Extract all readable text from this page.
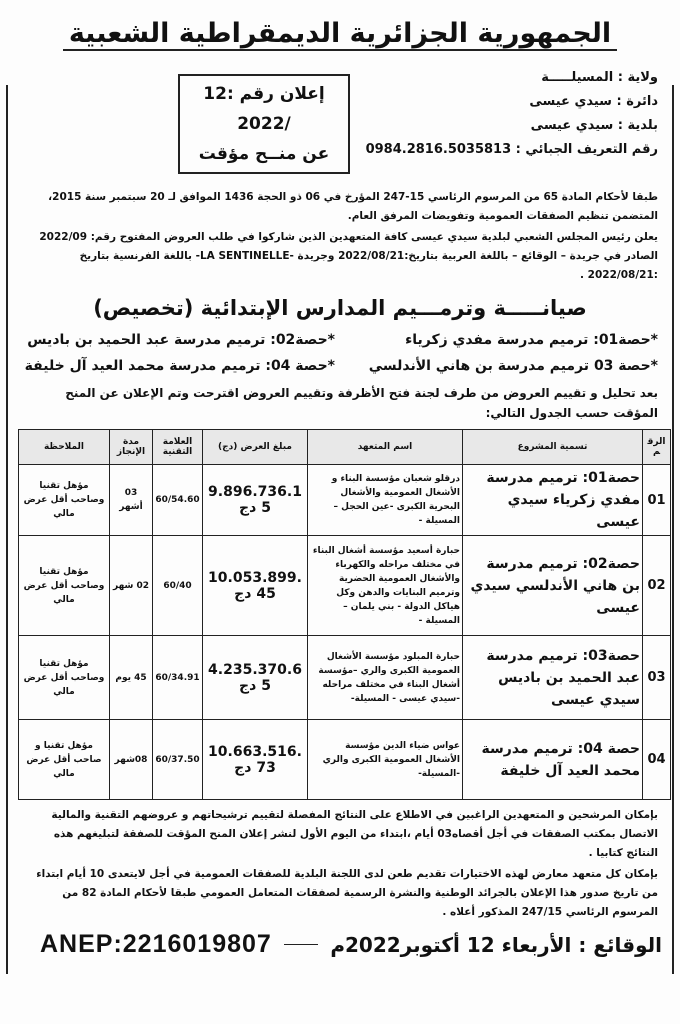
الجمهورية الجزائرية الديمقراطية الشعبية
إعلان رقم :12 /2022
عن منــح مؤقت
ولاية : المسيلـــــة
دائرة : سيدي عيسى
بلدية : سيدي عيسى
رقم التعريف الجبائي : 0984.2816.5035813
طبقا لأحكام المادة 65 من المرسوم الرئاسي 15-247 المؤرخ في 06 ذو الحجة 1436 الموافق لـ 20 سبتمبر سنة 2015، المتضمن تنظيم الصفقات العمومية وتفويضات المرفق العام.
يعلن رئيس المجلس الشعبي لبلدية سيدي عيسى كافة المتعهدين الذين شاركوا في طلب العروض المفتوح رقم: 2022/09 الصادر في جريدة – الوقائع – باللغة العربية بتاريخ:2022/08/21 وجريدة -LA SENTINELLE- باللغة الفرنسية بتاريخ :2022/08/21 .
صيانـــــة وترمـــيم المدارس الإبتدائية (تخصيص)
*حصة01: ترميم مدرسة مفدي زكرياء
*حصة02: ترميم مدرسة عبد الحميد بن باديس
*حصة 03 ترميم مدرسة بن هاني الأندلسي
*حصة 04: ترميم مدرسة محمد العيد آل خليفة
بعد تحليل و تقييم العروض من طرف لجنة فتح الأظرفة وتقييم العروض اقترحت وتم الإعلان عن المنح المؤقت حسب الجدول التالي:
الرقم	تسمية المشروع	اسم المتعهد	مبلغ العرض (دج)	العلامة التقنية	مدة الإنجاز	الملاحظة
01	حصة01: ترميم مدرسة مفدي زكرياء سيدي عيسى	درقلو شعبان مؤسسة البناء و الأشغال العمومية والأشغال البحرية الكبرى -عين الحجل – المسيلة -	9.896.736.15 دج	60/54.60	03 أشهر	مؤهل تقنيا وصاحب أقل عرض مالي
02	حصة02: ترميم مدرسة بن هاني الأندلسي سيدي عيسى	حبارة أسعيد مؤسسة أشغال البناء في مختلف مراحله والكهرباء والأشغال العمومية الحضرية وترميم البنايات والدهن وكل هياكل الدولة - بني يلمان – المسيلة -	10.053.899.45 دج	60/40	02 شهر	مؤهل تقنيا وصاحب أقل عرض مالي
03	حصة03: ترميم مدرسة عبد الحميد بن باديس سيدي عيسى	حبارة المبلود مؤسسة الأشغال العمومية الكبرى والري –مؤسسة أشغال البناء في مختلف مراحله -سيدي عيسى - المسيلة-	4.235.370.65 دج	60/34.91	45 يوم	مؤهل تقنيا وصاحب أقل عرض مالي
04	حصة 04: ترميم مدرسة محمد العيد آل خليفة	عواس ضياء الدين مؤسسة الأشغال العمومية الكبرى والري -المسيلة-	10.663.516.73 دج	60/37.50	08شهر	مؤهل تقنيا و صاحب أقل عرض مالي
بإمكان المرشحين و المتعهدين الراغبين في الاطلاع على النتائج المفصلة لتقييم ترشيحاتهم و عروضهم التقنية والمالية الاتصال بمكتب الصفقات في أجل أقصاه03 أيام ،ابتداء من اليوم الأول لنشر إعلان المنح المؤقت للصفقة لتبليغهم هذه النتائج كتابيا .
بإمكان كل متعهد معارض لهذه الاختيارات تقديم طعن لدى اللجنة البلدية للصفقات العمومية في أجل لايتعدى 10 أيام ابتداء من تاريخ صدور هذا الإعلان بالجرائد الوطنية والنشرة الرسمية لصفقات المتعامل العمومي طبقا لأحكام المادة 82 من المرسوم الرئاسي 247/15 المذكور أعلاه .
ANEP:2216019807	الوقائع : الأربعاء 12 أكتوبر2022م
